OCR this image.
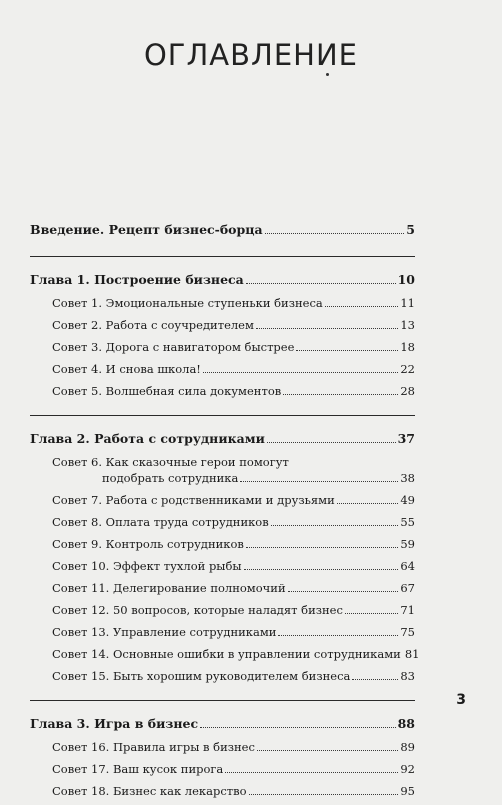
ОГЛАВЛЕНИЕ
Введение. Рецепт бизнес-борца	5
Глава 1. Построение бизнеса	10
Совет 1. Эмоциональные ступеньки бизнеса	11
Совет 2. Работа с соучредителем	13
Совет 3. Дорога с навигатором быстрее	18
Совет 4. И снова школа!	22
Совет 5. Волшебная сила документов	28
Глава 2. Работа с сотрудниками	37
Совет 6. Как сказочные герои помогут
подобрать сотрудника	38
Совет 7. Работа с родственниками и друзьями	49
Совет 8. Оплата труда сотрудников	55
Совет 9. Контроль сотрудников	59
Совет 10. Эффект тухлой рыбы	64
Совет 11. Делегирование полномочий	67
Совет 12. 50 вопросов, которые наладят бизнес	71
Совет 13. Управление сотрудниками	75
Совет 14. Основные ошибки в управлении сотрудниками 81
Совет 15. Быть хорошим руководителем бизнеса	83
Глава 3. Игра в бизнес	88
Совет 16. Правила игры в бизнес	89
Совет 17. Ваш кусок пирога	92
Совет 18. Бизнес как лекарство	95
3
